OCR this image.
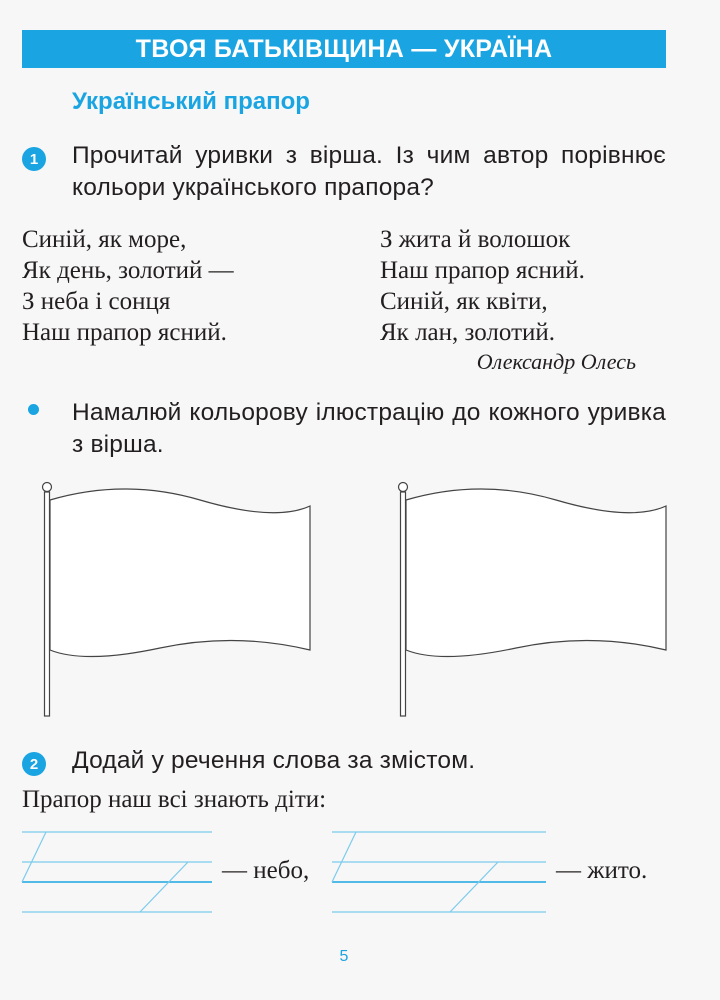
ТВОЯ БАТЬКІВЩИНА — УКРАЇНА
Український прапор
1	Прочитай уривки з вірша. Із чим автор порівнює кольори українського прапора?
Синій, як море,
Як день, золотий —
З неба і сонця
Наш прапор ясний.
З жита й волошок
Наш прапор ясний.
Синій, як квіти,
Як лан, золотий.
Олександр Олесь
Намалюй кольорову ілюстрацію до кожного уривка з вірша.
2	Додай у речення слова за змістом.
Прапор наш всі знають діти:
— небо,	— жито.
5
